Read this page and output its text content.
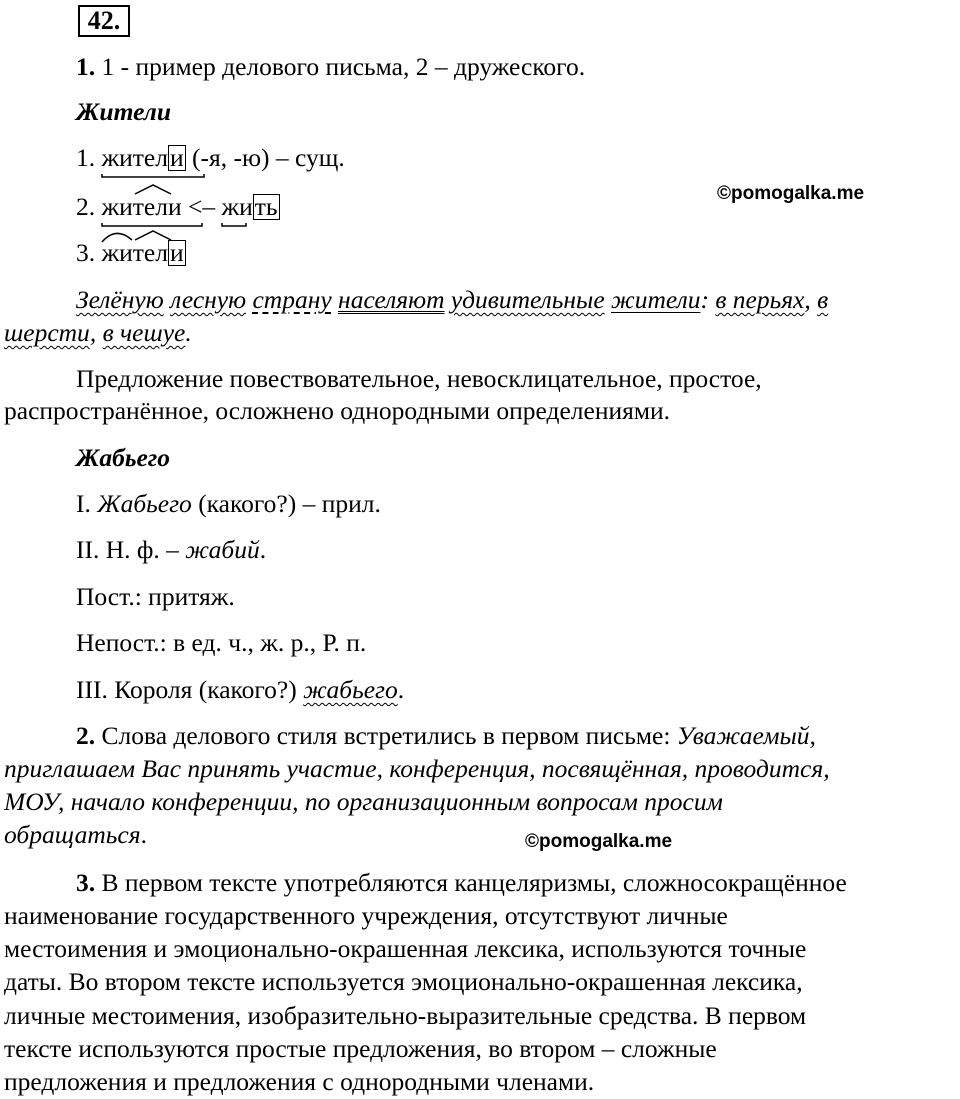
42.
1. 1 - пример делового письма, 2 – дружеского.
Жители
1. жител
и (-я, -ю) – сущ.
©pomogalka.me
2. жител
и <– жи
ть
3. жи
тел
и
Зелёную лесную страну населяют удивительные жители: в перьях, в
шерсти, в чешуе.
Предложение повествовательное, невосклицательное, простое,
распространённое, осложнено однородными определениями.
Жабьего
I. Жабьего (какого?) – прил.
II. Н. ф. – жабий.
Пост.: притяж.
Непост.: в ед. ч., ж. р., Р. п.
III. Короля (какого?) жабьего.
2. Слова делового стиля встретились в первом письме: Уважаемый,
приглашаем Вас принять участие, конференция, посвящённая, проводится,
МОУ, начало конференции, по организационным вопросам просим
обращаться.	©pomogalka.me
3. В первом тексте употребляются канцеляризмы, сложносокращённое
наименование государственного учреждения, отсутствуют личные
местоимения и эмоционально-окрашенная лексика, используются точные
даты. Во втором тексте используется эмоционально-окрашенная лексика,
личные местоимения, изобразительно-выразительные средства. В первом
тексте используются простые предложения, во втором – сложные
предложения и предложения с однородными членами.
